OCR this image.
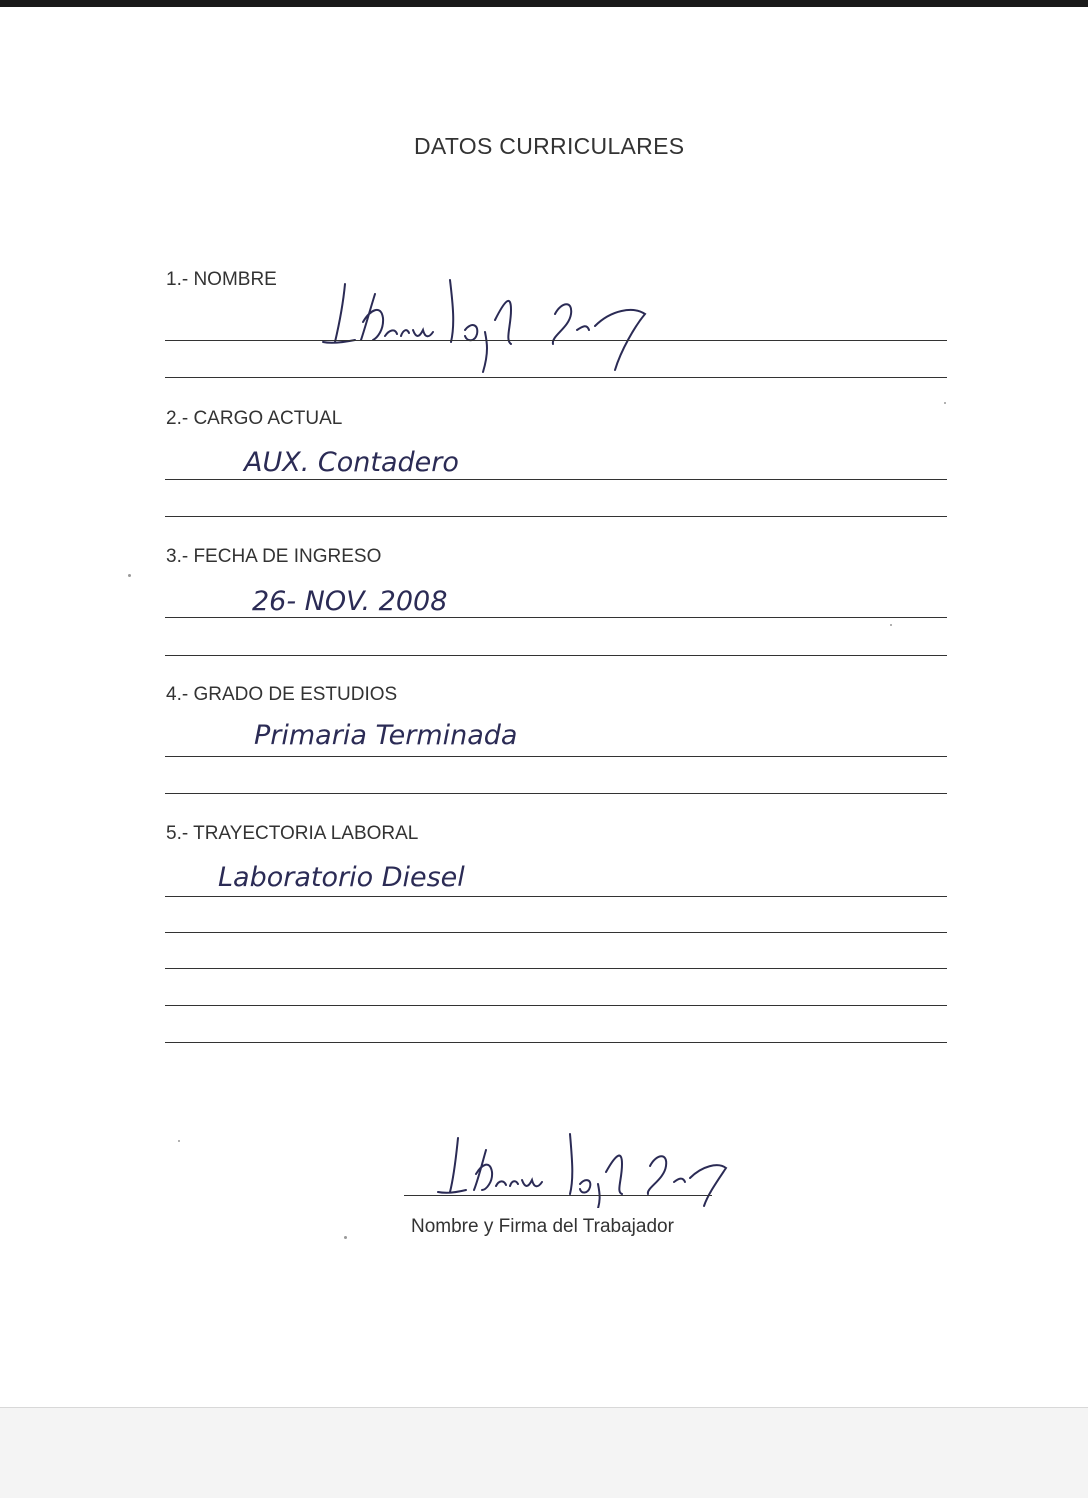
DATOS CURRICULARES
1.- NOMBRE
2.- CARGO ACTUAL
AUX. Contadero
3.- FECHA DE INGRESO
26- NOV. 2008
4.- GRADO DE ESTUDIOS
Primaria Terminada
5.- TRAYECTORIA LABORAL
Laboratorio Diesel
Nombre y Firma del Trabajador
